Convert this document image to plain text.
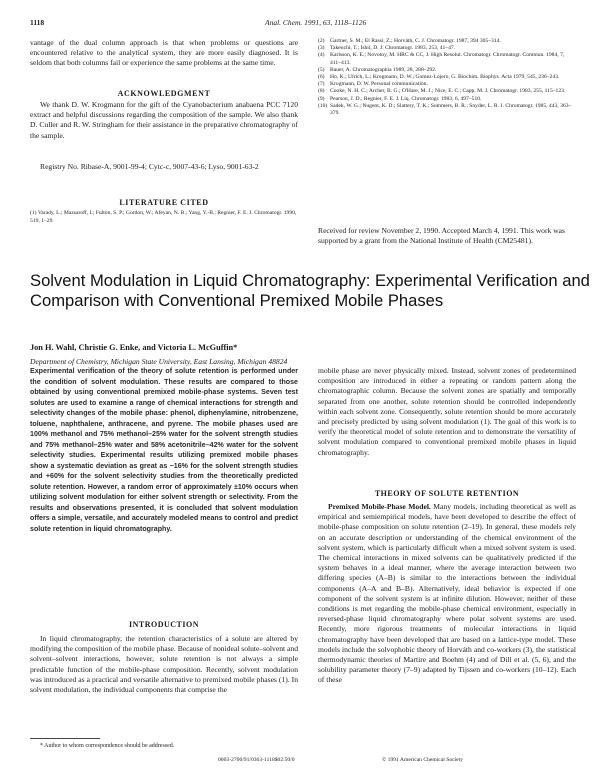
1118	Anal. Chem. 1991, 63, 1118–1126
vantage of the dual column approach is that when problems or questions are encountered relative to the analytical system, they are more easily diagnosed. It is seldom that both columns fail or experience the same problems at the same time.
ACKNOWLEDGMENT
We thank D. W. Krogmann for the gift of the Cyanobacterium anabaena PCC 7120 extract and helpful discussions regarding the composition of the sample. We also thank D. Culler and R. W. Stringham for their assistance in the preparative chromatography of the sample.
Registry No. Ribase-A, 9001-99-4; Cytc-c, 9007-43-6; Lyso, 9001-63-2
LITERATURE CITED
(1) Varady, L.; Mazsaroff, I.; Fulton, S. P.; Gordon, W.; Afeyan, N. B.; Yang, Y.-B.; Regnier, F. E. J. Chromatogr. 1990, 519, 1–29.
(2) Gartner, S. M.; El Rassi, Z.; Horváth, C. J. Chromatogr. 1987, 394 305–314.
(3) Takeuchi, T.; Ishii, D. J. Chromatogr. 1983, 253, 41–47.
(4) Karlsson, K. E.; Novotny, M. HRC & CC, J. High Resolut. Chromatogr. Chromatogr. Commun. 1984, 7, 411–413.
(5) Bauer, A. Chromatographia 1989, 28, 288–292.
(6) Ho, K.; Ulrich, L.; Krogmann, D. W.; Gomez-Lojero, G. Biochim. Biophys. Acta 1979, 545, 236–243.
(7) Krogmann, D. W. Personal communication.
(8) Cooke, N. H. C.; Archer, B. G.; O'Hare, M. J.; Nice, E. C.; Capp, M. J. Chromatogr. 1983, 255, 115–123.
(9) Pearson, J. D.; Regnier, F. E. J. Liq. Chromatogr. 1983, 6, 497–510.
(10) Sadek, W. G.; Nugent, K. D.; Slattery, T. K.; Summers, B. R.; Snyder, L. R. J. Chromatogr. 1985, 443, 363–379.
Received for review November 2, 1990. Accepted March 4, 1991. This work was supported by a grant from the National Institute of Health (CM25481).
Solvent Modulation in Liquid Chromatography: Experimental Verification and Comparison with Conventional Premixed Mobile Phases
Jon H. Wahl, Christie G. Enke, and Victoria L. McGuffin*
Department of Chemistry, Michigan State University, East Lansing, Michigan 48824
Experimental verification of the theory of solute retention is performed under the condition of solvent modulation. These results are compared to those obtained by using conventional premixed mobile-phase systems. Seven test solutes are used to examine a range of chemical interactions for strength and selectivity changes of the mobile phase: phenol, diphenylamine, nitrobenzene, toluene, naphthalene, anthracene, and pyrene. The mobile phases used are 100% methanol and 75% methanol–25% water for the solvent strength studies and 75% methanol–25% water and 58% acetonitrile–42% water for the solvent selectivity studies. Experimental results utilizing premixed mobile phases show a systematic deviation as great as −16% for the solvent strength studies and +60% for the solvent selectivity studies from the theoretically predicted solute retention. However, a random error of approximately ±10% occurs when utilizing solvent modulation for either solvent strength or selectivity. From the results and observations presented, it is concluded that solvent modulation offers a simple, versatile, and accurately modeled means to control and predict solute retention in liquid chromatography.
INTRODUCTION
In liquid chromatography, the retention characteristics of a solute are altered by modifying the composition of the mobile phase. Because of nonideal solute–solvent and solvent–solvent interactions, however, solute retention is not always a simple predictable function of the mobile-phase composition. Recently, solvent modulation was introduced as a practical and versatile alternative to premixed mobile phases (1). In solvent modulation, the individual components that comprise the
* Author to whom correspondence should be addressed.
mobile phase are never physically mixed. Instead, solvent zones of predetermined composition are introduced in either a repeating or random pattern along the chromatographic column. Because the solvent zones are spatially and temporally separated from one another, solute retention should be controlled independently within each solvent zone. Consequently, solute retention should be more accurately and precisely predicted by using solvent modulation (1). The goal of this work is to verify the theoretical model of solute retention and to demonstrate the versatility of solvent modulation compared to conventional premixed mobile phases in liquid chromatography.
THEORY OF SOLUTE RETENTION
Premixed Mobile-Phase Model. Many models, including theoretical as well as empirical and semiempirical models, have been developed to describe the effect of mobile-phase composition on solute retention (2–19). In general, these models rely on an accurate description or understanding of the chemical environment of the solvent system, which is particularly difficult when a mixed solvent system is used. The chemical interactions in mixed solvents can be qualitatively predicted if the system behaves in a ideal manner, where the average interaction between two differing species (A–B) is similar to the interactions between the individual components (A–A and B–B). Alternatively, ideal behavior is expected if one component of the solvent system is at infinite dilution. However, neither of these conditions is met regarding the mobile-phase chemical environment, especially in reversed-phase liquid chromatography where polar solvent systems are used. Recently, more rigorous treatments of molecular interactions in liquid chromatography have been developed that are based on a lattice-type model. These models include the solvophobic theory of Horváth and co-workers (3), the statistical thermodynamic theories of Martire and Boehm (4) and of Dill et al. (5, 6), and the solubility parameter theory (7–9) adapted by Tijssen and co-workers (10–12). Each of these
0003-2700/91/0363-1118$02.50/0	© 1991 American Chemical Society
